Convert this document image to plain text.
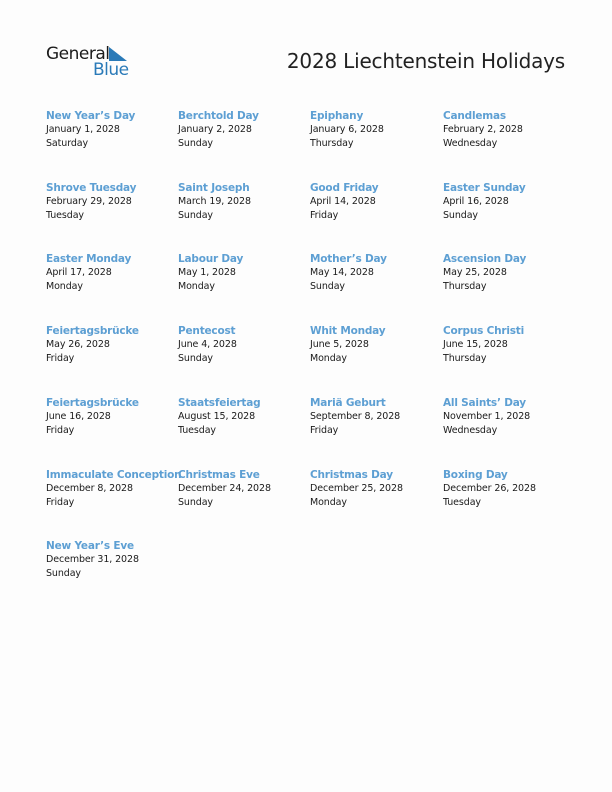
General
Blue	2028 Liechtenstein Holidays
New Year’s Day
January 1, 2028
Saturday
Berchtold Day
January 2, 2028
Sunday
Epiphany
January 6, 2028
Thursday
Candlemas
February 2, 2028
Wednesday
Shrove Tuesday
February 29, 2028
Tuesday
Saint Joseph
March 19, 2028
Sunday
Good Friday
April 14, 2028
Friday
Easter Sunday
April 16, 2028
Sunday
Easter Monday
April 17, 2028
Monday
Labour Day
May 1, 2028
Monday
Mother’s Day
May 14, 2028
Sunday
Ascension Day
May 25, 2028
Thursday
Feiertagsbrücke
May 26, 2028
Friday
Pentecost
June 4, 2028
Sunday
Whit Monday
June 5, 2028
Monday
Corpus Christi
June 15, 2028
Thursday
Feiertagsbrücke
June 16, 2028
Friday
Staatsfeiertag
August 15, 2028
Tuesday
Mariä Geburt
September 8, 2028
Friday
All Saints’ Day
November 1, 2028
Wednesday
Immaculate Conception
December 8, 2028
Friday
Christmas Eve
December 24, 2028
Sunday
Christmas Day
December 25, 2028
Monday
Boxing Day
December 26, 2028
Tuesday
New Year’s Eve
December 31, 2028
Sunday
